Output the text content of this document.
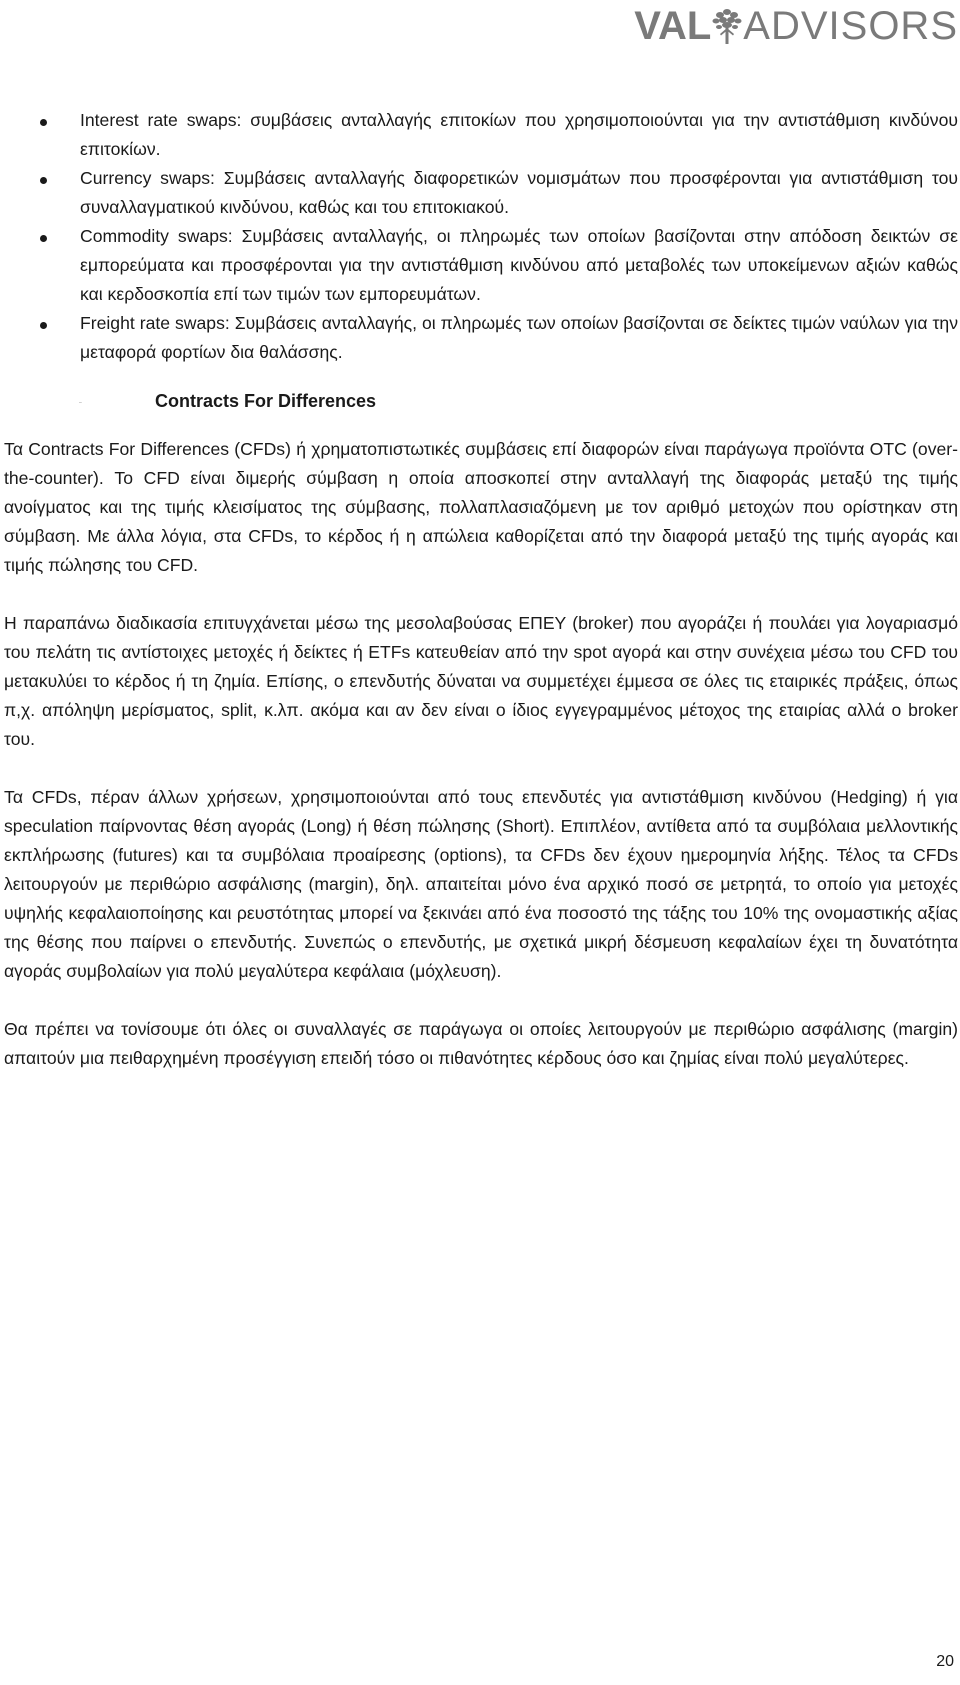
VAL ADVISORS
Interest rate swaps: συμβάσεις ανταλλαγής επιτοκίων που χρησιμοποιούνται για την αντιστάθμιση κινδύνου επιτοκίων.
Currency swaps: Συμβάσεις ανταλλαγής διαφορετικών νομισμάτων που προσφέρονται για αντιστάθμιση του συναλλαγματικού κινδύνου, καθώς και του επιτοκιακού.
Commodity swaps: Συμβάσεις ανταλλαγής, οι πληρωμές των οποίων βασίζονται στην απόδοση δεικτών σε εμπορεύματα και προσφέρονται για την αντιστάθμιση κινδύνου από μεταβολές των υποκείμενων αξιών καθώς και κερδοσκοπία επί των τιμών των εμπορευμάτων.
Freight rate swaps: Συμβάσεις ανταλλαγής, οι πληρωμές των οποίων βασίζονται σε δείκτες τιμών ναύλων για την μεταφορά φορτίων δια θαλάσσης.
–	Contracts For Differences

Τα Contracts For Differences (CFDs) ή χρηματοπιστωτικές συμβάσεις επί διαφορών είναι παράγωγα προϊόντα OTC (over-the-counter). Το CFD είναι διμερής σύμβαση η οποία αποσκοπεί στην ανταλλαγή της διαφοράς μεταξύ της τιμής ανοίγματος και της τιμής κλεισίματος της σύμβασης, πολλαπλασιαζόμενη με τον αριθμό μετοχών που ορίστηκαν στη σύμβαση. Με άλλα λόγια, στα CFDs, το κέρδος ή η απώλεια καθορίζεται από την διαφορά μεταξύ της τιμής αγοράς και τιμής πώλησης του CFD.

Η παραπάνω διαδικασία επιτυγχάνεται μέσω της μεσολαβούσας ΕΠΕΥ (broker) που αγοράζει ή πουλάει για λογαριασμό του πελάτη τις αντίστοιχες μετοχές ή δείκτες ή ETFs κατευθείαν από την spot αγορά και στην συνέχεια μέσω του CFD του μετακυλύει το κέρδος ή τη ζημία. Επίσης, ο επενδυτής δύναται να συμμετέχει έμμεσα σε όλες τις εταιρικές πράξεις, όπως π,χ. απόληψη μερίσματος, split, κ.λπ. ακόμα και αν δεν είναι ο ίδιος εγγεγραμμένος μέτοχος της εταιρίας αλλά ο broker του.

Τα CFDs, πέραν άλλων χρήσεων, χρησιμοποιούνται από τους επενδυτές για αντιστάθμιση κινδύνου (Hedging) ή για speculation παίρνοντας θέση αγοράς (Long) ή θέση πώλησης (Short). Επιπλέον, αντίθετα από τα συμβόλαια μελλοντικής εκπλήρωσης (futures) και τα συμβόλαια προαίρεσης (options), τα CFDs δεν έχουν ημερομηνία λήξης. Τέλος τα CFDs λειτουργούν με περιθώριο ασφάλισης (margin), δηλ. απαιτείται μόνο ένα αρχικό ποσό σε μετρητά, το οποίο για μετοχές υψηλής κεφαλαιοποίησης και ρευστότητας μπορεί να ξεκινάει από ένα ποσοστό της τάξης του 10% της ονομαστικής αξίας της θέσης που παίρνει ο επενδυτής. Συνεπώς ο επενδυτής, με σχετικά μικρή δέσμευση κεφαλαίων έχει τη δυνατότητα αγοράς συμβολαίων για πολύ μεγαλύτερα κεφάλαια (μόχλευση).

Θα πρέπει να τονίσουμε ότι όλες οι συναλλαγές σε παράγωγα οι οποίες λειτουργούν με περιθώριο ασφάλισης (margin) απαιτούν μια πειθαρχημένη προσέγγιση επειδή τόσο οι πιθανότητες κέρδους όσο και ζημίας είναι πολύ μεγαλύτερες.

20
